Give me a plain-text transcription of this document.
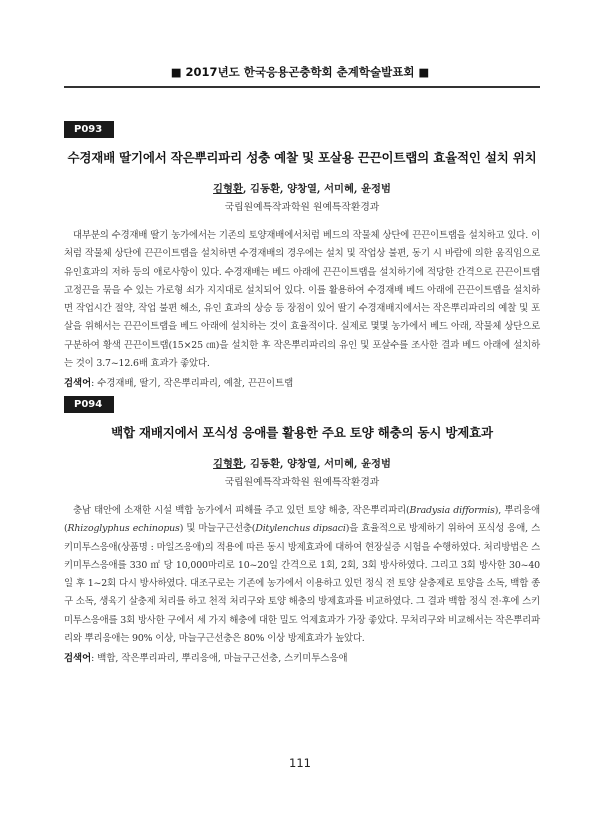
■ 2017년도 한국응용곤충학회 춘계학술발표회 ■
P093
수경재배 딸기에서 작은뿌리파리 성충 예찰 및 포살용 끈끈이트랩의 효율적인 설치 위치
김형환, 김동환, 양창열, 서미혜, 윤정범
국립원예특작과학원 원예특작환경과
대부분의 수경재배 딸기 농가에서는 기존의 토양재배에서처럼 베드의 작물체 상단에 끈끈이트랩을 설치하고 있다. 이처럼 작물체 상단에 끈끈이트랩을 설치하면 수경재배의 경우에는 설치 및 작업상 불편, 동기 시 바람에 의한 움직임으로 유인효과의 저하 등의 애로사항이 있다. 수경재배는 베드 아래에 끈끈이트랩을 설치하기에 적당한 간격으로 끈끈이트랩 고정끈을 묶을 수 있는 가로형 쇠가 지지대로 설치되어 있다. 이를 활용하여 수경재배 베드 아래에 끈끈이트랩을 설치하면 작업시간 절약, 작업 불편 해소, 유인 효과의 상승 등 장점이 있어 딸기 수경재배지에서는 작은뿌리파리의 예찰 및 포살을 위해서는 끈끈이트랩을 베드 아래에 설치하는 것이 효율적이다. 실제로 몇몇 농가에서 베드 아래, 작물체 상단으로 구분하여 황색 끈끈이트랩(15×25 ㎝)을 설치한 후 작은뿌리파리의 유인 및 포살수를 조사한 결과 베드 아래에 설치하는 것이 3.7~12.6배 효과가 좋았다.
검색어: 수경재배, 딸기, 작은뿌리파리, 예찰, 끈끈이트랩
P094
백합 재배지에서 포식성 응애를 활용한 주요 토양 해충의 동시 방제효과
김형환, 김동환, 양창열, 서미혜, 윤정범
국립원예특작과학원 원예특작환경과
충남 태안에 소재한 시설 백합 농가에서 피해를 주고 있던 토양 해충, 작은뿌리파리(Bradysia difformis), 뿌리응애(Rhizoglyphus echinopus) 및 마늘구근선충(Ditylenchus dipsaci)을 효율적으로 방제하기 위하여 포식성 응애, 스키미투스응애(상품명 : 마일즈응애)의 적용에 따른 동시 방제효과에 대하여 현장실증 시험을 수행하였다. 처리방법은 스키미투스응애를 330 ㎡ 당 10,000마리로 10~20일 간격으로 1회, 2회, 3회 방사하였다. 그리고 3회 방사한 30~40일 후 1~2회 다시 방사하였다. 대조구로는 기존에 농가에서 이용하고 있던 정식 전 토양 살충제로 토양을 소독, 백합 종구 소독, 생육기 살충제 처리를 하고 천적 처리구와 토양 해충의 방제효과를 비교하였다. 그 결과 백합 정식 전·후에 스키미투스응애를 3회 방사한 구에서 세 가지 해충에 대한 밀도 억제효과가 가장 좋았다. 무처리구와 비교해서는 작은뿌리파리와 뿌리응애는 90% 이상, 마늘구근선충은 80% 이상 방제효과가 높았다.
검색어: 백합, 작은뿌리파리, 뿌리응애, 마늘구근선충, 스키미투스응애
111
